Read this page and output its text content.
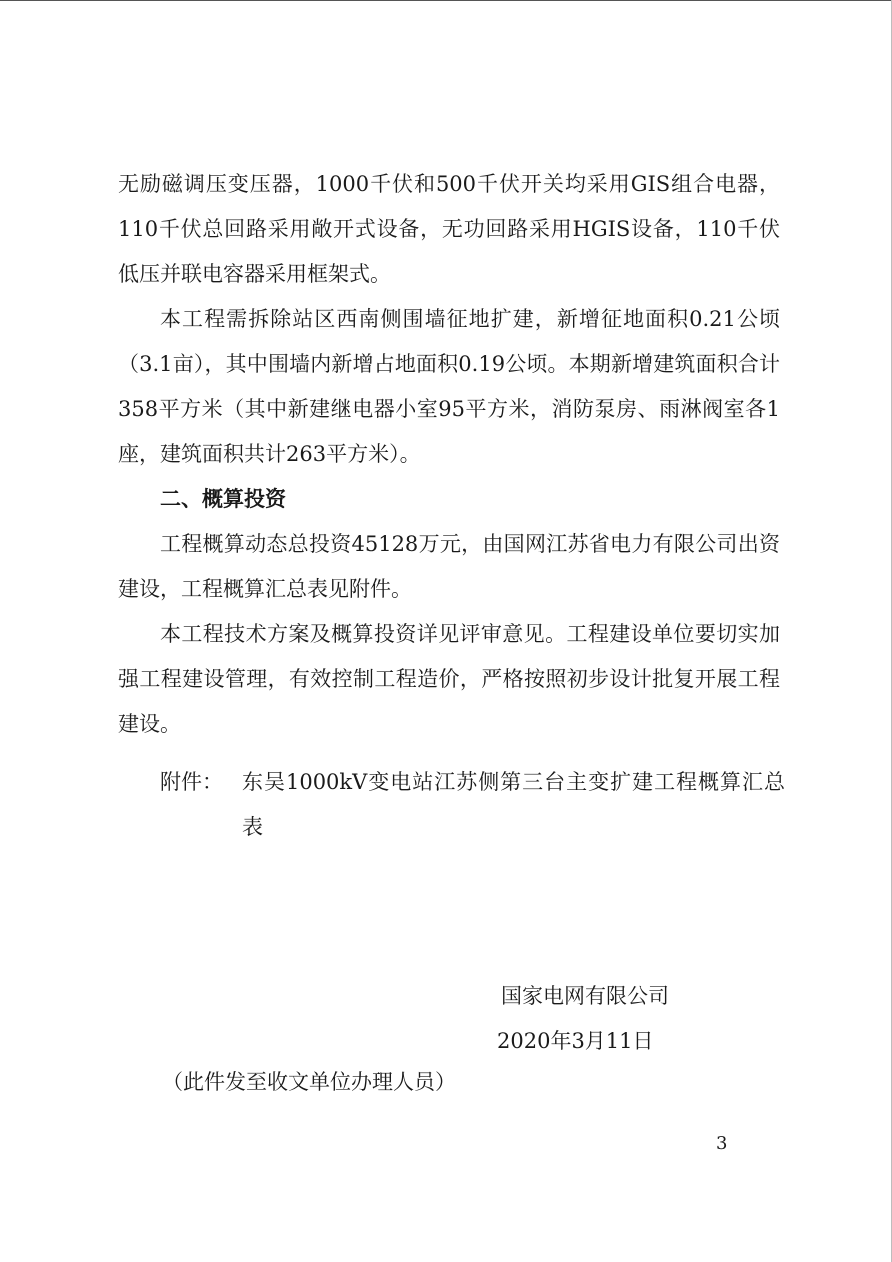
无励磁调压变压器，1000千伏和500千伏开关均采用GIS组合电器，110千伏总回路采用敞开式设备，无功回路采用HGIS设备，110千伏低压并联电容器采用框架式。

本工程需拆除站区西南侧围墙征地扩建，新增征地面积0.21公顷（3.1亩），其中围墙内新增占地面积0.19公顷。本期新增建筑面积合计358平方米（其中新建继电器小室95平方米，消防泵房、雨淋阀室各1座，建筑面积共计263平方米）。

二、概算投资

工程概算动态总投资45128万元，由国网江苏省电力有限公司出资建设，工程概算汇总表见附件。

本工程技术方案及概算投资详见评审意见。工程建设单位要切实加强工程建设管理，有效控制工程造价，严格按照初步设计批复开展工程建设。

附件： 东吴1000kV变电站江苏侧第三台主变扩建工程概算汇总表
国家电网有限公司
2020年3月11日
（此件发至收文单位办理人员）
3
